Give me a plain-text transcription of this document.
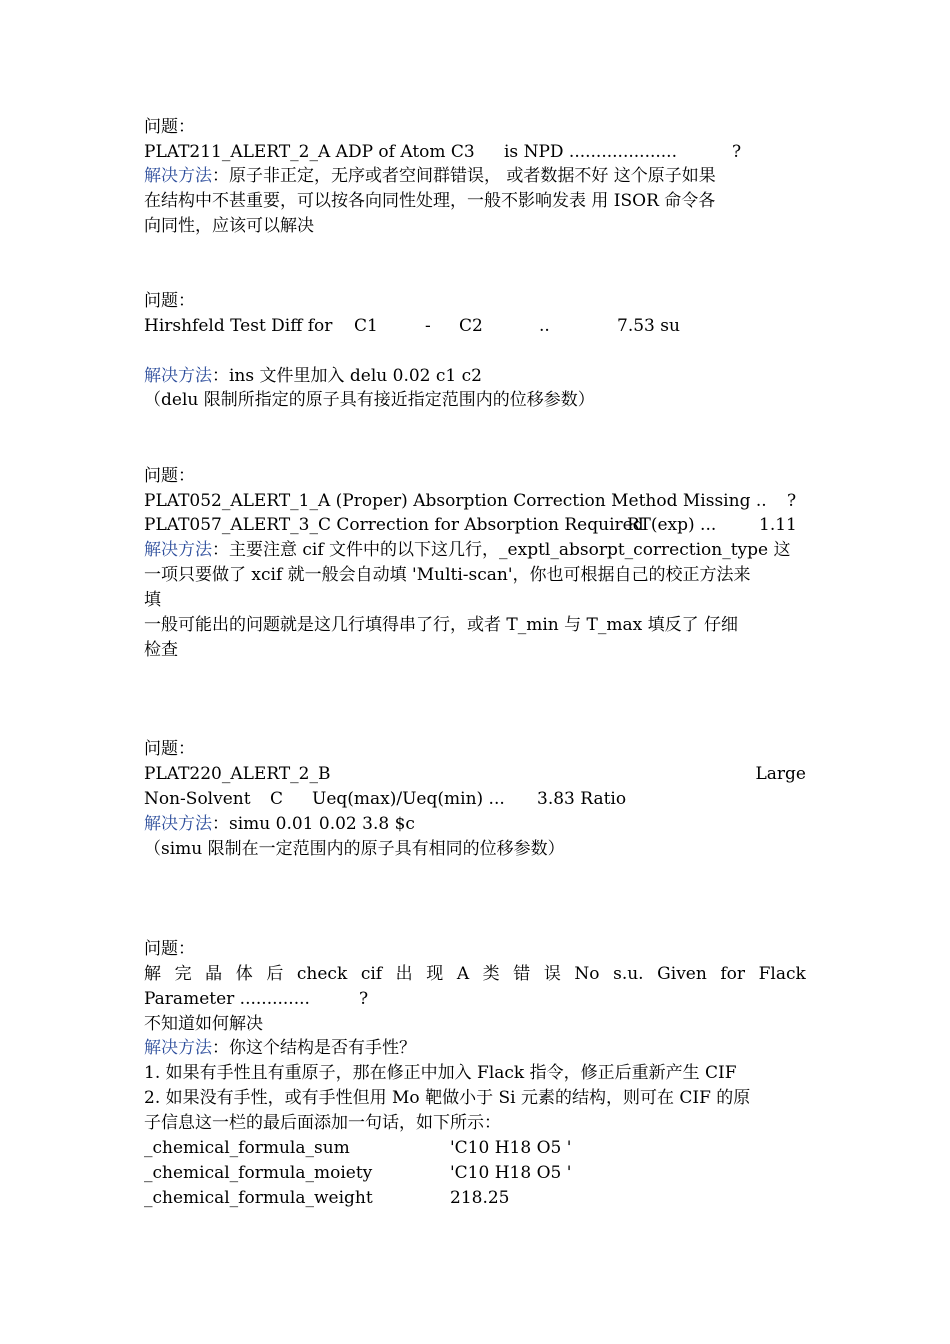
问题：
PLAT211_ALERT_2_A ADP of Atom C3 is NPD ....................	?
解决方法：原子非正定，无序或者空间群错误， 或者数据不好 这个原子如果
在结构中不甚重要，可以按各向同性处理，一般不影响发表 用 ISOR 命令各
向同性，应该可以解决
问题：
Hirshfeld Test Diff for C1	- C2	..	7.53 su
解决方法：ins 文件里加入 delu 0.02 c1 c2
（delu 限制所指定的原子具有接近指定范围内的位移参数）
问题：
PLAT052_ALERT_1_A (Proper) Absorption Correction Method Missing .. ?
PLAT057_ALERT_3_C Correction for Absorption Required
RT(exp) ...	1.11
解决方法：主要注意 cif 文件中的以下这几行，_exptl_absorpt_correction_type 这
一项只要做了 xcif 就一般会自动填 'Multi-scan'，你也可根据自己的校正方法来
填
一般可能出的问题就是这几行填得串了行，或者 T_min 与 T_max 填反了 仔细
检查
问题：
PLAT220_ALERT_2_B	Large
Non-Solvent C Ueq(max)/Ueq(min) ... 3.83 Ratio
解决方法：simu 0.01 0.02 3.8 $c
（simu 限制在一定范围内的原子具有相同的位移参数）
问题：
解 完 晶 体 后 check cif 出 现 A 类 错 误 No s.u. Given for Flack
Parameter .............	?
不知道如何解决
解决方法：你这个结构是否有手性？
1. 如果有手性且有重原子，那在修正中加入 Flack 指令，修正后重新产生 CIF
2. 如果没有手性，或有手性但用 Mo 靶做小于 Si 元素的结构，则可在 CIF 的原
子信息这一栏的最后面添加一句话，如下所示：
_chemical_formula_sum	'C10 H18 O5 '
_chemical_formula_moiety	'C10 H18 O5 '
_chemical_formula_weight	218.25
